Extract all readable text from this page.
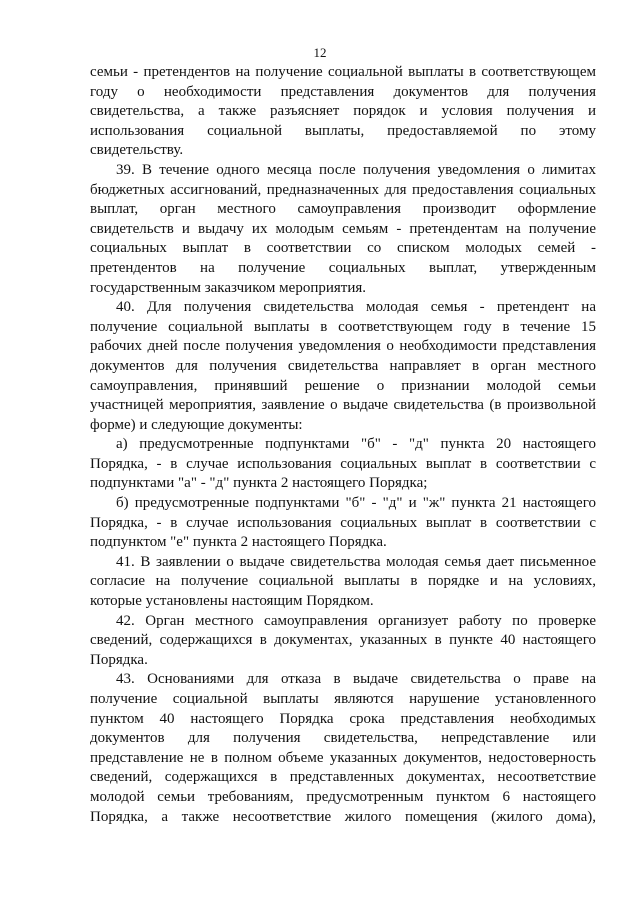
12

семьи - претендентов на получение социальной выплаты в соответствующем

году о необходимости представления документов для получения

свидетельства, а также разъясняет порядок и условия получения и

использования социальной выплаты, предоставляемой по этому

свидетельству.

39. В течение одного месяца после получения уведомления о лимитах

бюджетных ассигнований, предназначенных для предоставления социальных

выплат, орган местного самоуправления производит оформление

свидетельств и выдачу их молодым семьям - претендентам на получение

социальных выплат в соответствии со списком молодых семей -

претендентов на получение социальных выплат, утвержденным

государственным заказчиком мероприятия.

40. Для получения свидетельства молодая семья - претендент на

получение социальной выплаты в соответствующем году в течение 15

рабочих дней после получения уведомления о необходимости представления

документов для получения свидетельства направляет в орган местного

самоуправления, принявший решение о признании молодой семьи

участницей мероприятия, заявление о выдаче свидетельства (в произвольной

форме) и следующие документы:

а) предусмотренные подпунктами "б" - "д" пункта 20 настоящего

Порядка, - в случае использования социальных выплат в соответствии с

подпунктами "а" - "д" пункта 2 настоящего Порядка;

б) предусмотренные подпунктами "б" - "д" и "ж" пункта 21 настоящего

Порядка, - в случае использования социальных выплат в соответствии с

подпунктом "е" пункта 2 настоящего Порядка.

41. В заявлении о выдаче свидетельства молодая семья дает письменное

согласие на получение социальной выплаты в порядке и на условиях,

которые установлены настоящим Порядком.

42. Орган местного самоуправления организует работу по проверке

сведений, содержащихся в документах, указанных в пункте 40 настоящего

Порядка.

43. Основаниями для отказа в выдаче свидетельства о праве на

получение социальной выплаты являются нарушение установленного

пунктом 40 настоящего Порядка срока представления необходимых

документов для получения свидетельства, непредставление или

представление не в полном объеме указанных документов, недостоверность

сведений, содержащихся в представленных документах, несоответствие

молодой семьи требованиям, предусмотренным пунктом 6 настоящего

Порядка, а также несоответствие жилого помещения (жилого дома),
